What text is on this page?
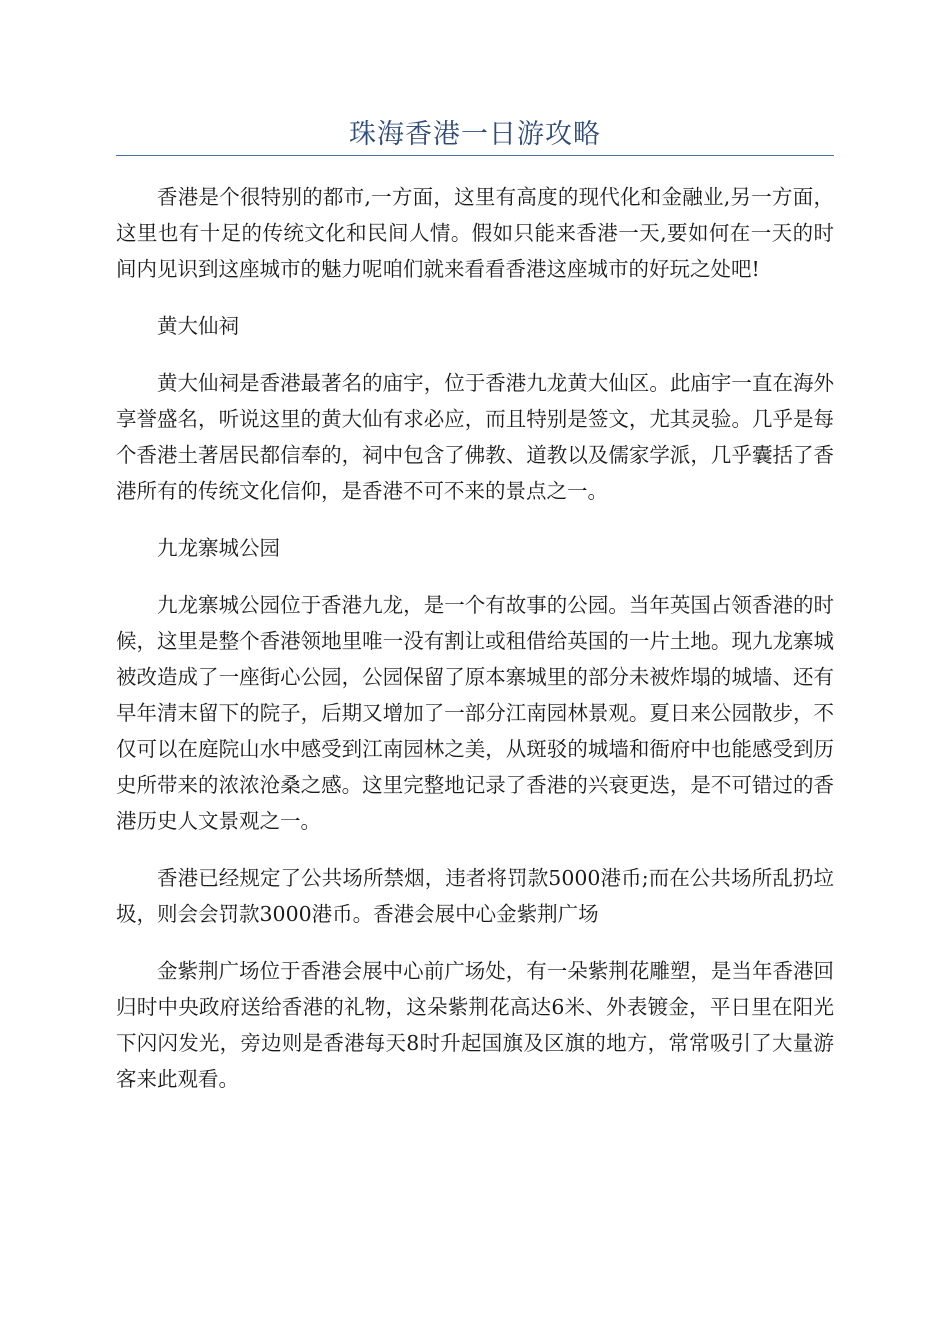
珠海香港一日游攻略

香港是个很特别的都市,一方面，这里有高度的现代化和金融业,另一方面，这里也有十足的传统文化和民间人情。假如只能来香港一天,要如何在一天的时间内见识到这座城市的魅力呢咱们就来看看香港这座城市的好玩之处吧!

黄大仙祠

黄大仙祠是香港最著名的庙宇，位于香港九龙黄大仙区。此庙宇一直在海外享誉盛名，听说这里的黄大仙有求必应，而且特别是签文，尤其灵验。几乎是每个香港土著居民都信奉的，祠中包含了佛教、道教以及儒家学派，几乎囊括了香港所有的传统文化信仰，是香港不可不来的景点之一。

九龙寨城公园

九龙寨城公园位于香港九龙，是一个有故事的公园。当年英国占领香港的时候，这里是整个香港领地里唯一没有割让或租借给英国的一片土地。现九龙寨城被改造成了一座街心公园，公园保留了原本寨城里的部分未被炸塌的城墙、还有早年清末留下的院子，后期又增加了一部分江南园林景观。夏日来公园散步，不仅可以在庭院山水中感受到江南园林之美，从斑驳的城墙和衙府中也能感受到历史所带来的浓浓沧桑之感。这里完整地记录了香港的兴衰更迭，是不可错过的香港历史人文景观之一。

香港已经规定了公共场所禁烟，违者将罚款5000港币;而在公共场所乱扔垃圾，则会会罚款3000港币。香港会展中心金紫荆广场

金紫荆广场位于香港会展中心前广场处，有一朵紫荆花雕塑，是当年香港回归时中央政府送给香港的礼物，这朵紫荆花高达6米、外表镀金，平日里在阳光下闪闪发光，旁边则是香港每天8时升起国旗及区旗的地方，常常吸引了大量游客来此观看。
